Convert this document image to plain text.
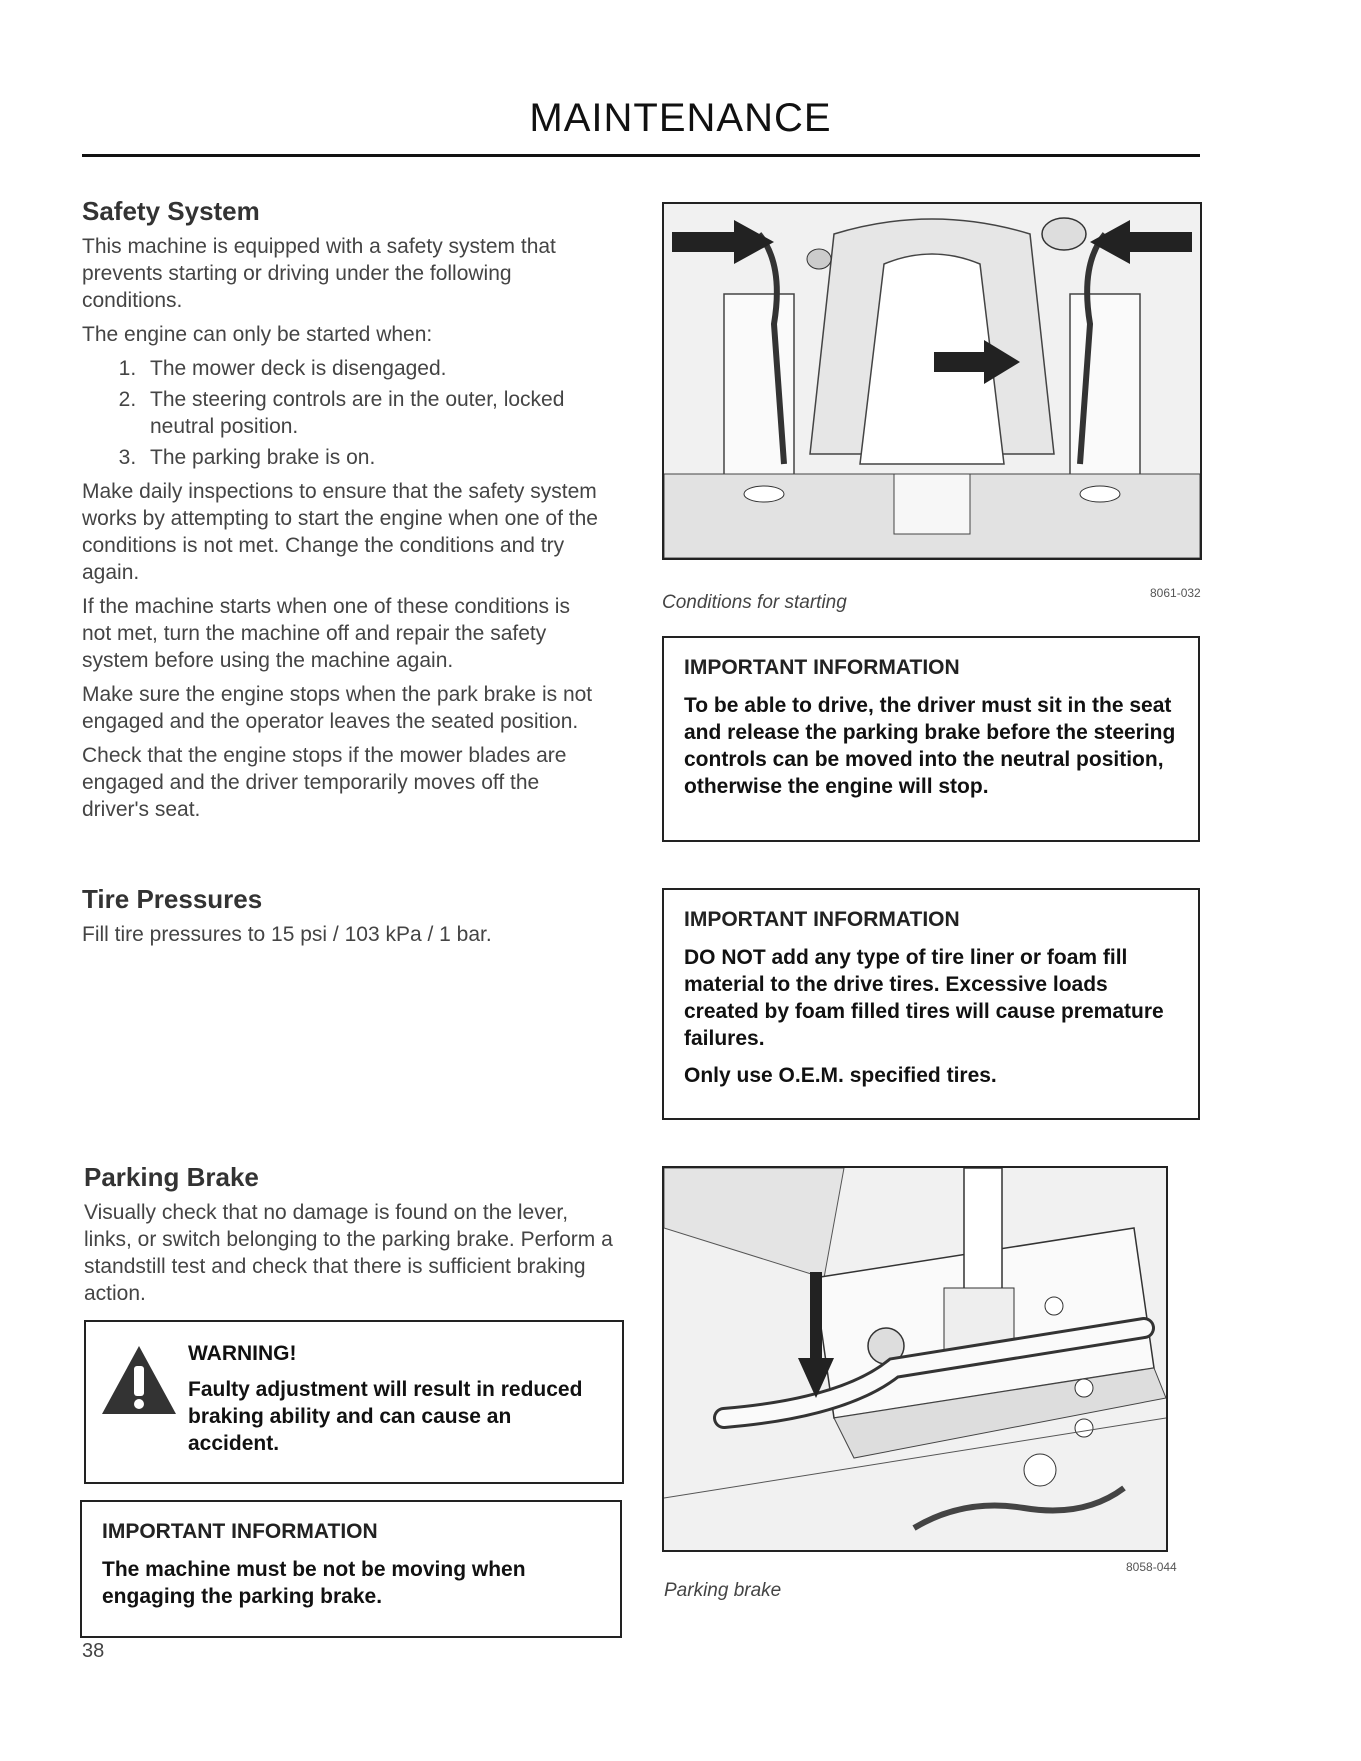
MAINTENANCE
Safety System

This machine is equipped with a safety system that prevents starting or driving under the following conditions.

The engine can only be started when:

1. The mower deck is disengaged.
2. The steering controls are in the outer, locked neutral position.
3. The parking brake is on.

Make daily inspections to ensure that the safety system works by attempting to start the engine when one of the conditions is not met. Change the conditions and try again.

If the machine starts when one of these conditions is not met, turn the machine off and repair the safety system before using the machine again.

Make sure the engine stops when the park brake is not engaged and the operator leaves the seated position.

Check that the engine stops if the mower blades are engaged and the driver temporarily moves off the driver's seat.

Conditions for starting	8061-032
IMPORTANT INFORMATION

To be able to drive, the driver must sit in the seat and release the parking brake before the steering controls can be moved into the neutral position, otherwise the engine will stop.

Tire Pressures

Fill tire pressures to 15 psi / 103 kPa / 1 bar.

IMPORTANT INFORMATION

DO NOT add any type of tire liner or foam fill material to the drive tires. Excessive loads created by foam filled tires will cause premature failures.

Only use O.E.M. specified tires.

Parking Brake

Visually check that no damage is found on the lever, links, or switch belonging to the parking brake. Perform a standstill test and check that there is sufficient braking action.

WARNING!

Faulty adjustment will result in reduced braking ability and can cause an accident.

IMPORTANT INFORMATION

The machine must be not be moving when engaging the parking brake.	Parking brake
8058-044
38
